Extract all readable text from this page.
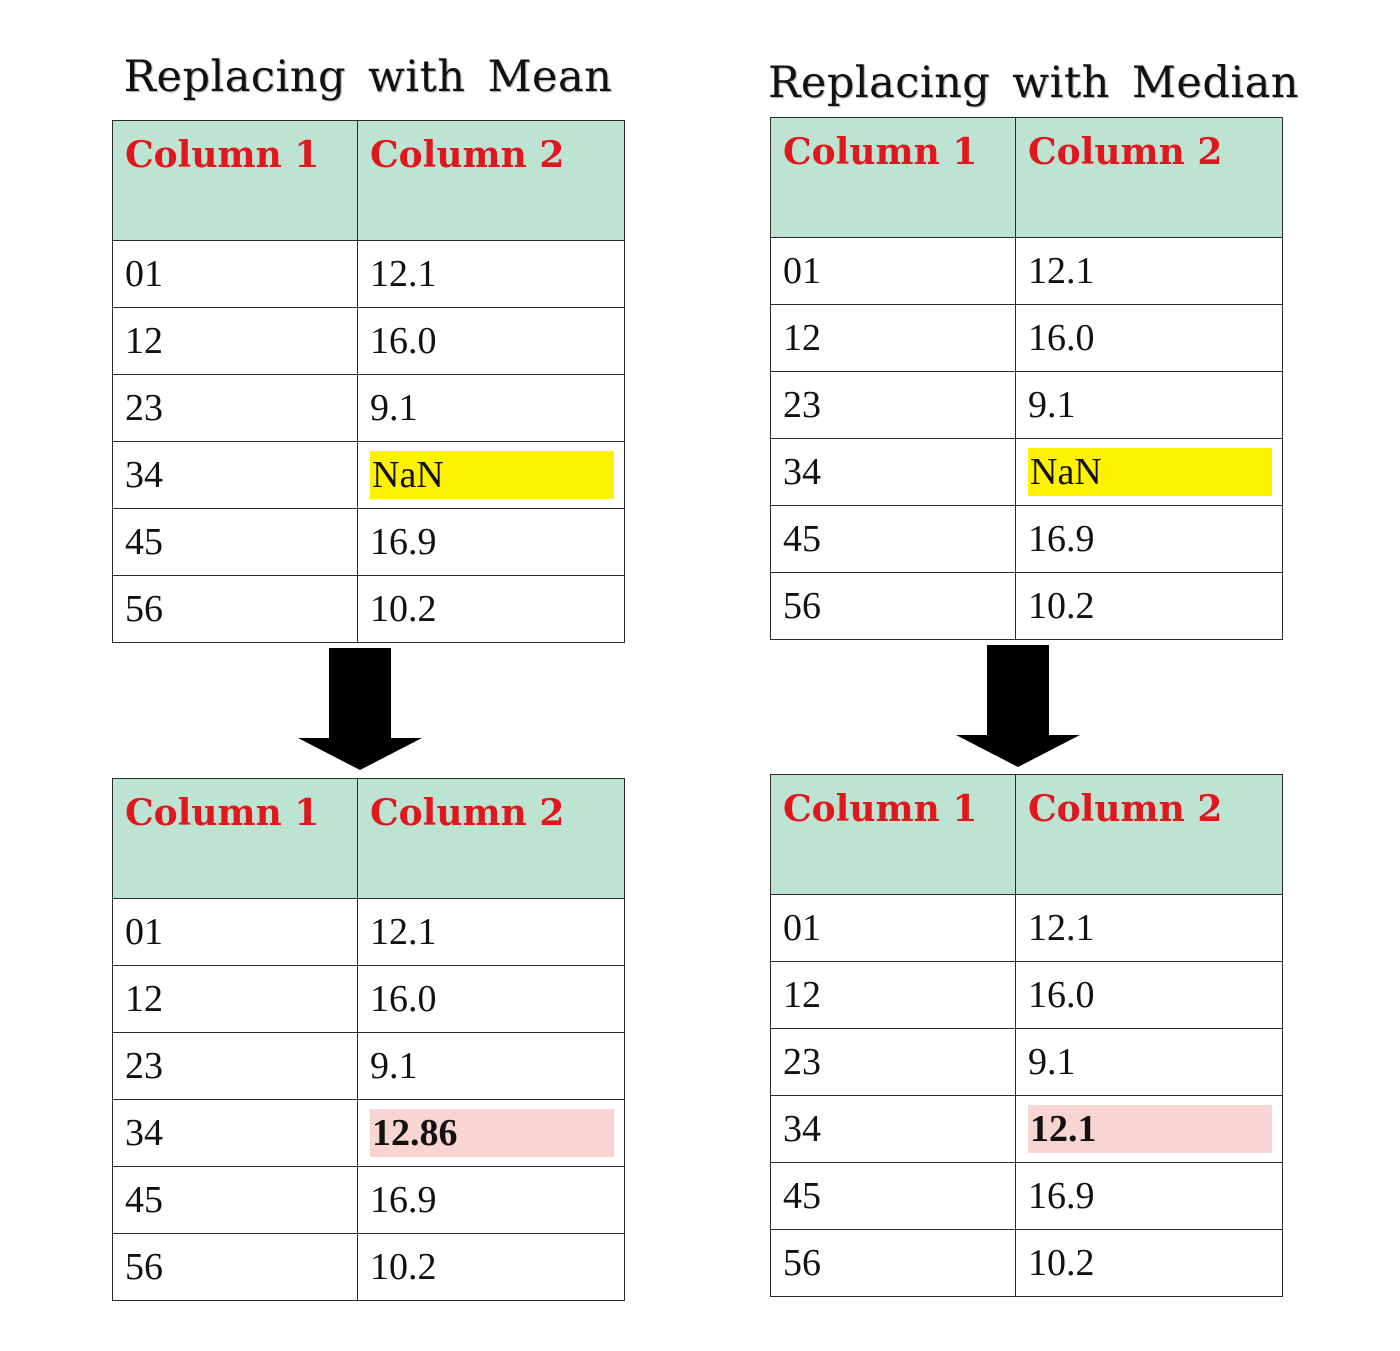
Replacing with Mean
Column 1	Column 2
01	12.1
12	16.0
23	9.1
34	NaN

45	16.9
56	10.2
Column 1	Column 2
01	12.1
12	16.0
23	9.1
34	12.86

45	16.9
56	10.2
Replacing with Median
Column 1	Column 2
01	12.1
12	16.0
23	9.1
34	NaN

45	16.9
56	10.2
Column 1	Column 2
01	12.1
12	16.0
23	9.1
34	12.1

45	16.9
56	10.2
